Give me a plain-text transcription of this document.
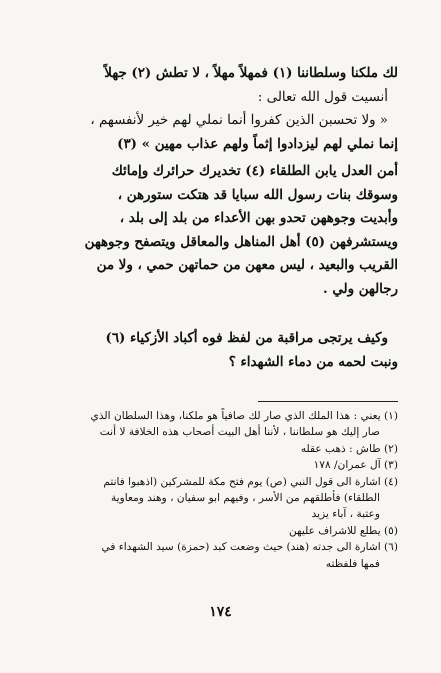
لك ملكنا وسلطاننا (١) فمهلاً مهلاً ، لا تطش (٢) جهلاً
أنسيت قول الله تعالى :
« ولا تحسبن الذين كفروا أنما نملي لهم خير لأنفسهم ،
إنما نملي لهم ليزدادوا إثماً ولهم عذاب مهين » (٣)
أمن العدل يابن الطلقاء (٤) تخديرك حرائرك وإمائك
وسوقك بنات رسول الله سبايا قد هتكت ستورهن ،
وأبديت وجوههن تحدو بهن الأعداء من بلد إلى بلد ،
ويستشرفهن (٥) أهل المناهل والمعاقل ويتصفح وجوههن
القريب والبعيد ، ليس معهن من حماتهن حمي ، ولا من
رجالهن ولي .
وكيف يرتجى مراقبة من لفظ فوه أكباد الأزكياء (٦)
ونبت لحمه من دماء الشهداء ؟
(١) يعني : هذا الملك الذي صار لك صافياً هو ملكنا، وهذا السلطان الذي
صار إليك هو سلطاننا ، لأننا أهل البيت أصحاب هذه الخلافة لا أنت
(٢) طاش : ذهب عقله
(٣) آل عمران/ ١٧٨
(٤) اشارة الى قول النبي (ص) يوم فتح مكة للمشركين (اذهبوا فانتم
الطلقاء) فأطلقهم من الأسر ، وفيهم ابو سفيان ، وهند ومعاوية
وعتبة ، آباء يزيد
(٥) يطلع للاشراف عليهن
(٦) اشارة الى جدته (هند) حيث وضعت كبد (حمزة) سيد الشهداء في
فمها فلفظته
١٧٤
